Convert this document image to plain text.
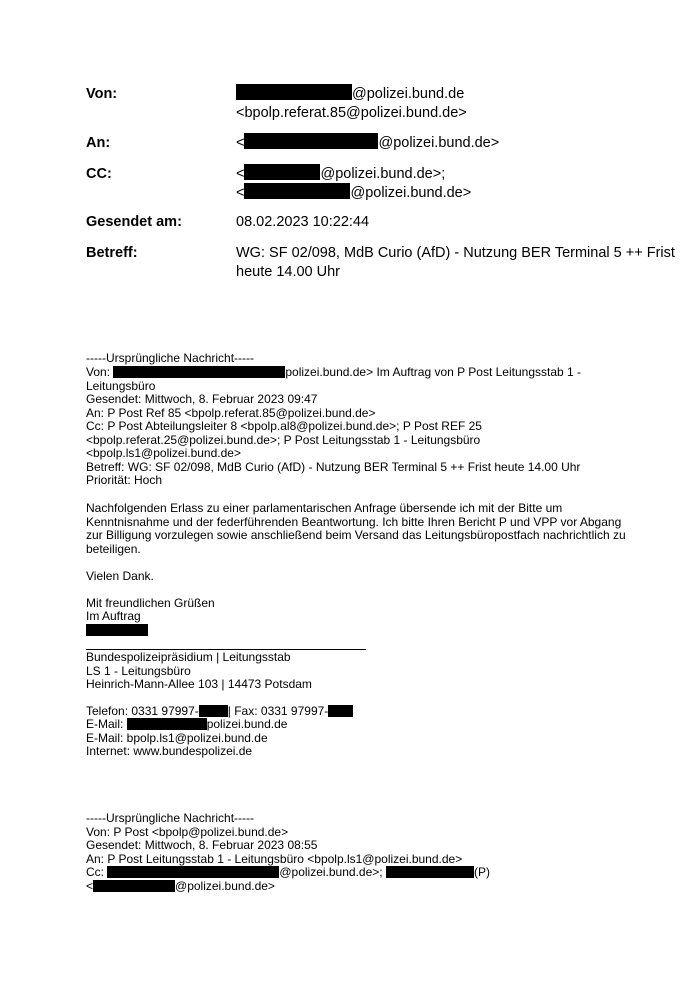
Von:	@polizei.bund.de
<bpolp.referat.85@polizei.bund.de>
An:	<	@polizei.bund.de>
CC:	<	@polizei.bund.de>;
<	@polizei.bund.de>
Gesendet am:	08.02.2023 10:22:44
Betreff:	WG: SF 02/098, MdB Curio (AfD) - Nutzung BER Terminal 5 ++ Frist
heute 14.00 Uhr
-----Ursprüngliche Nachricht-----
Von:	polizei.bund.de> Im Auftrag von P Post Leitungsstab 1 -
Leitungsbüro
Gesendet: Mittwoch, 8. Februar 2023 09:47
An: P Post Ref 85 <bpolp.referat.85@polizei.bund.de>
Cc: P Post Abteilungsleiter 8 <bpolp.al8@polizei.bund.de>; P Post REF 25
<bpolp.referat.25@polizei.bund.de>; P Post Leitungsstab 1 - Leitungsbüro
<bpolp.ls1@polizei.bund.de>
Betreff: WG: SF 02/098, MdB Curio (AfD) - Nutzung BER Terminal 5 ++ Frist heute 14.00 Uhr
Priorität: Hoch
Nachfolgenden Erlass zu einer parlamentarischen Anfrage übersende ich mit der Bitte um Kenntnisnahme und der federführenden Beantwortung. Ich bitte Ihren Bericht P und VPP vor Abgang zur Billigung vorzulegen sowie anschließend beim Versand das Leitungsbüropostfach nachrichtlich zu beteiligen.
Vielen Dank.
Mit freundlichen Grüßen
Im Auftrag
Bundespolizeipräsidium | Leitungsstab
LS 1 - Leitungsbüro
Heinrich-Mann-Allee 103 | 14473 Potsdam
Telefon: 0331 97997- | Fax: 0331 97997-
E-Mail:	polizei.bund.de
E-Mail: bpolp.ls1@polizei.bund.de
Internet: www.bundespolizei.de
-----Ursprüngliche Nachricht-----
Von: P Post <bpolp@polizei.bund.de>
Gesendet: Mittwoch, 8. Februar 2023 08:55
An: P Post Leitungsstab 1 - Leitungsbüro <bpolp.ls1@polizei.bund.de>
Cc:	@polizei.bund.de>;	(P)
<	@polizei.bund.de>
